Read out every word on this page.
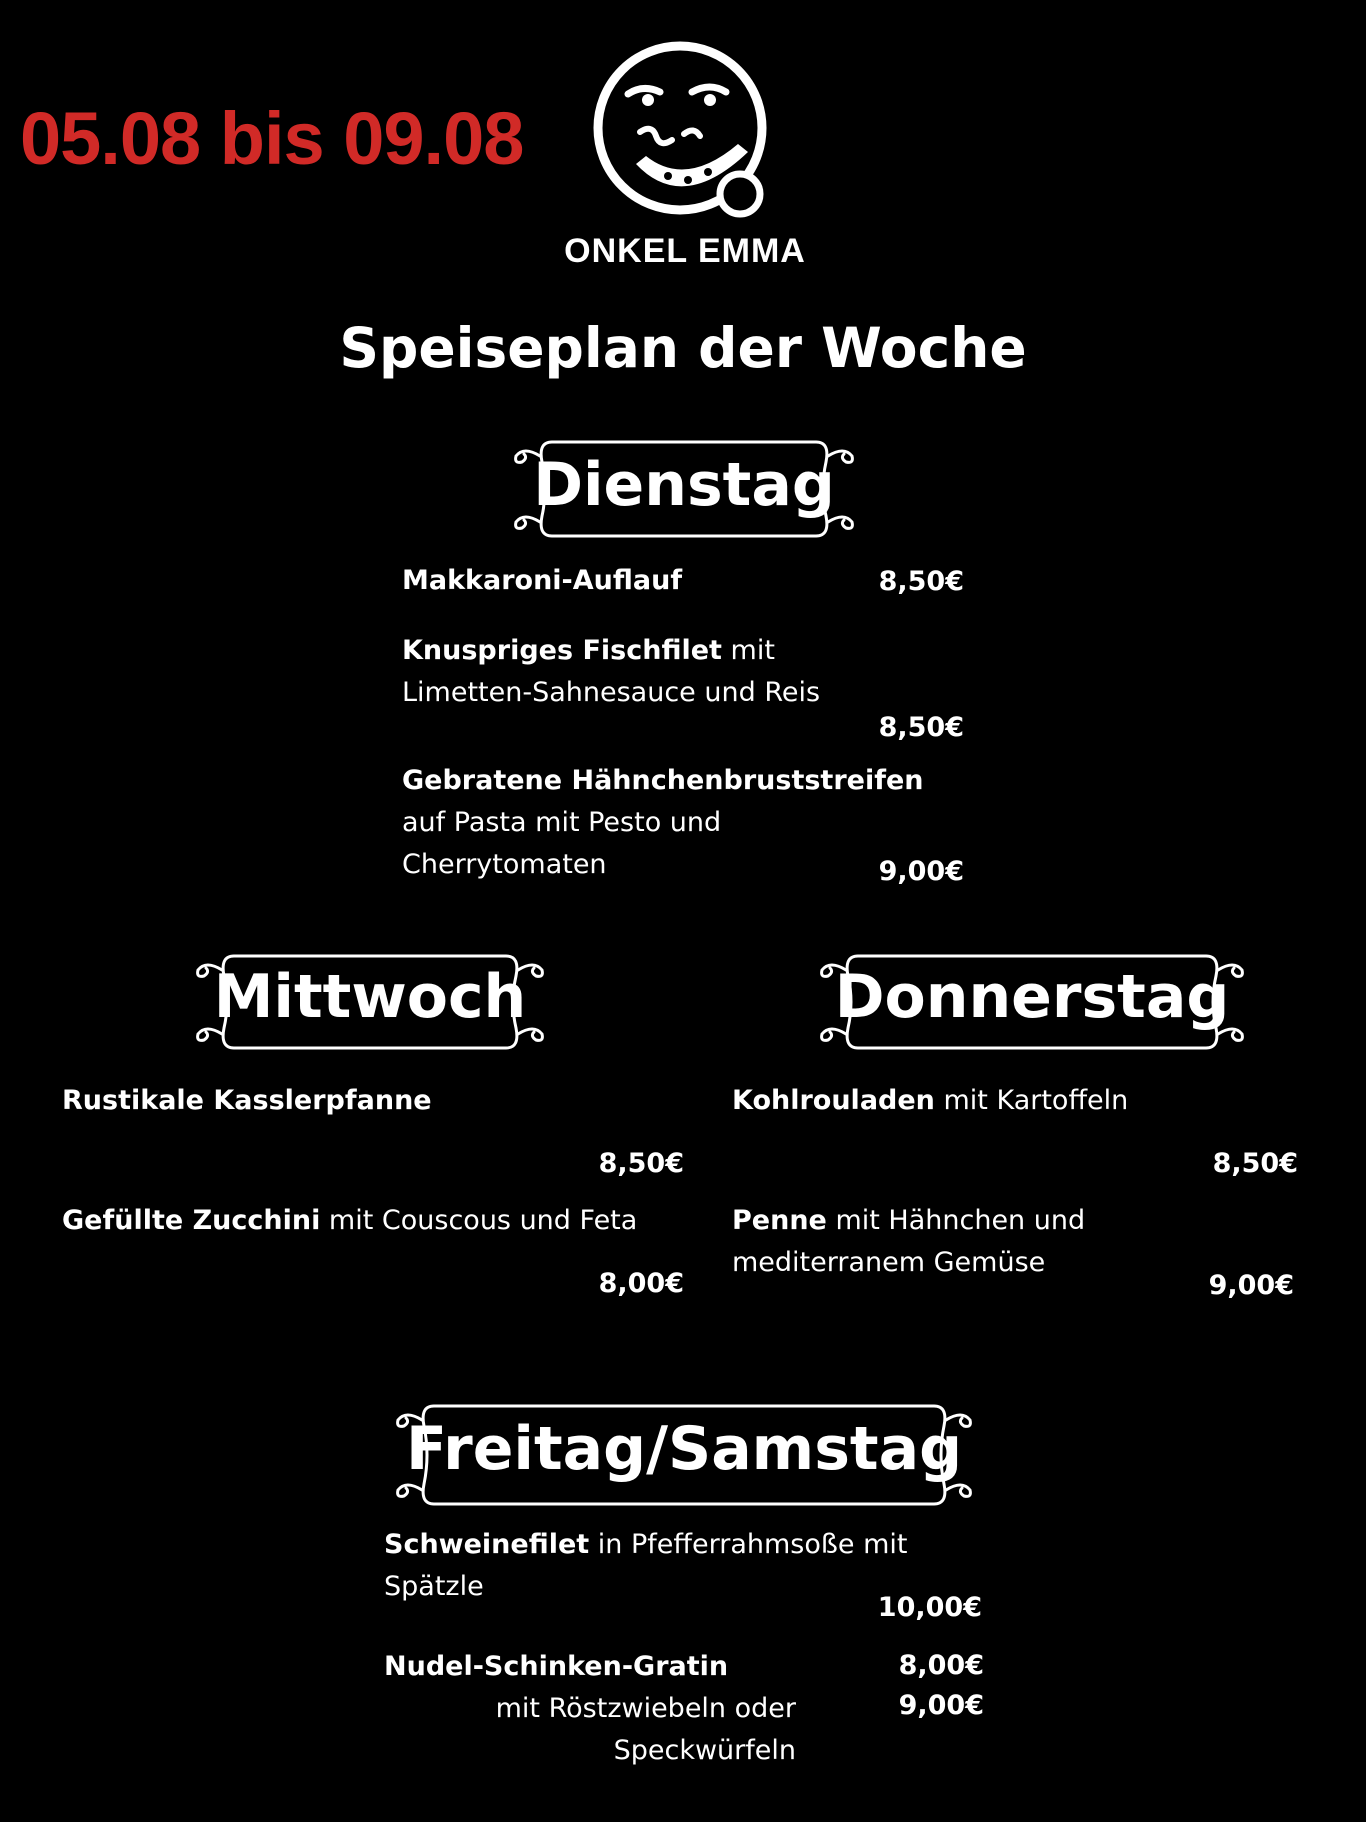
05.08 bis 09.08
ONKEL EMMA
Speiseplan der Woche
Dienstag
Makkaroni-Auflauf	8,50€
Knuspriges Fischfilet mit
Limetten-Sahnesauce und Reis
8,50€
Gebratene Hähnchenbruststreifen
auf Pasta mit Pesto und
Cherrytomaten	9,00€
Mittwoch
Rustikale Kasslerpfanne
8,50€
Gefüllte Zucchini mit Couscous und Feta
8,00€
Donnerstag
Kohlrouladen mit Kartoffeln
8,50€
Penne mit Hähnchen und
mediterranem Gemüse
9,00€
Freitag/Samstag
Schweinefilet in Pfefferrahmsoße mit
Spätzle
10,00€
Nudel-Schinken-Gratin
mit Röstzwiebeln oder
Speckwürfeln
8,00€
9,00€
